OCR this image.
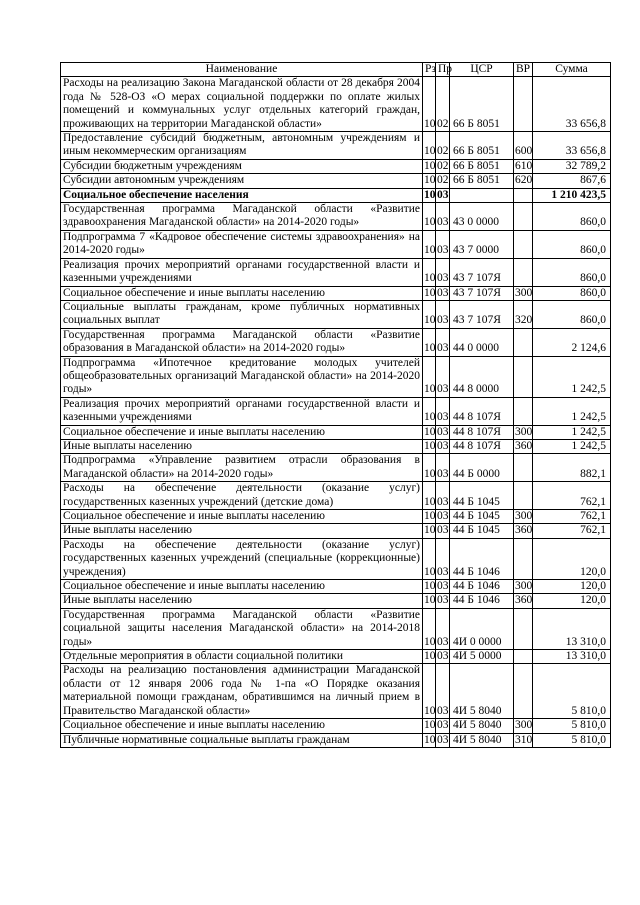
Наименование	Рз	Пр	ЦСР	ВР	Сумма
Расходы на реализацию Закона Магаданской области от 28 декабря 2004 года № 528-ОЗ «О мерах социальной поддержки по оплате жилых помещений и коммунальных услуг отдельных категорий граждан, проживающих на территории Магаданской области»	10	02	66 Б 8051		33 656,8
Предоставление субсидий бюджетным, автономным учреждениям и иным некоммерческим организациям	10	02	66 Б 8051	600	33 656,8
Субсидии бюджетным учреждениям	10	02	66 Б 8051	610	32 789,2
Субсидии автономным учреждениям	10	02	66 Б 8051	620	867,6
Социальное обеспечение населения	10	03			1 210 423,5
Государственная программа Магаданской области «Развитие здравоохранения Магаданской области» на 2014-2020 годы»	10	03	43 0 0000		860,0
Подпрограмма 7 «Кадровое обеспечение системы здравоохранения» на 2014-2020 годы»	10	03	43 7 0000		860,0
Реализация прочих мероприятий органами государственной власти и казенными учреждениями	10	03	43 7 107Я		860,0
Социальное обеспечение и иные выплаты населению	10	03	43 7 107Я	300	860,0
Социальные выплаты гражданам, кроме публичных нормативных социальных выплат	10	03	43 7 107Я	320	860,0
Государственная программа Магаданской области «Развитие образования в Магаданской области» на 2014-2020 годы»	10	03	44 0 0000		2 124,6
Подпрограмма «Ипотечное кредитование молодых учителей общеобразовательных организаций Магаданской области» на 2014-2020 годы»	10	03	44 8 0000		1 242,5
Реализация прочих мероприятий органами государственной власти и казенными учреждениями	10	03	44 8 107Я		1 242,5
Социальное обеспечение и иные выплаты населению	10	03	44 8 107Я	300	1 242,5
Иные выплаты населению	10	03	44 8 107Я	360	1 242,5
Подпрограмма «Управление развитием отрасли образования в Магаданской области» на 2014-2020 годы»	10	03	44 Б 0000		882,1
Расходы на обеспечение деятельности (оказание услуг) государственных казенных учреждений (детские дома)	10	03	44 Б 1045		762,1
Социальное обеспечение и иные выплаты населению	10	03	44 Б 1045	300	762,1
Иные выплаты населению	10	03	44 Б 1045	360	762,1
Расходы на обеспечение деятельности (оказание услуг) государственных казенных учреждений (специальные (коррекционные) учреждения)	10	03	44 Б 1046		120,0
Социальное обеспечение и иные выплаты населению	10	03	44 Б 1046	300	120,0
Иные выплаты населению	10	03	44 Б 1046	360	120,0
Государственная программа Магаданской области «Развитие социальной защиты населения Магаданской области» на 2014-2018 годы»	10	03	4И 0 0000		13 310,0
Отдельные мероприятия в области социальной политики	10	03	4И 5 0000		13 310,0
Расходы на реализацию постановления администрации Магаданской области от 12 января 2006 года № 1-па «О Порядке оказания материальной помощи гражданам, обратившимся на личный прием в Правительство Магаданской области»	10	03	4И 5 8040		5 810,0
Социальное обеспечение и иные выплаты населению	10	03	4И 5 8040	300	5 810,0
Публичные нормативные социальные выплаты гражданам	10	03	4И 5 8040	310	5 810,0
